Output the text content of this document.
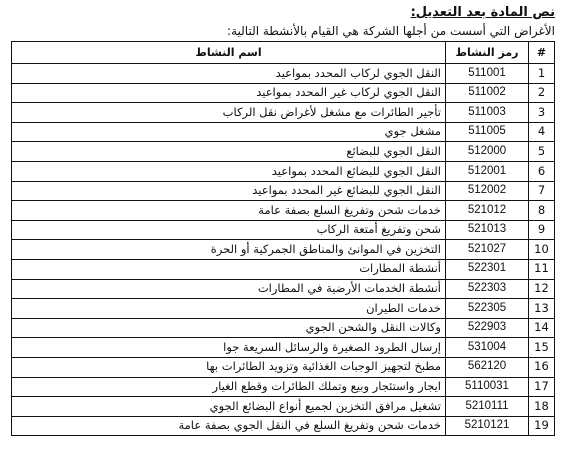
نص المادة بعد التعديل:
الأغراض التي أسست من أجلها الشركة هي القيام بالأنشطة التالية:
#	رمز النشاط	اسم النشاط
1	511001	النقل الجوي لركاب المحدد بمواعيد
2	511002	النقل الجوي لركاب غير المحدد بمواعيد
3	511003	تأجير الطائرات مع مشغل لأغراض نقل الركاب
4	511005	مشغل جوي
5	512000	النقل الجوي للبضائع
6	512001	النقل الجوي للبضائع المحدد بمواعيد
7	512002	النقل الجوي للبضائع غير المحدد بمواعيد
8	521012	خدمات شحن وتفريغ السلع بصفة عامة
9	521013	شحن وتفريغ أمتعة الركاب
10	521027	التخزين في الموانئ والمناطق الجمركية أو الحرة
11	522301	أنشطة المطارات
12	522303	أنشطة الخدمات الأرضية في المطارات
13	522305	خدمات الطيران
14	522903	وكالات النقل والشحن الجوي
15	531004	إرسال الطرود الصغيرة والرسائل السريعة جوا
16	562120	مطبخ لتجهيز الوجبات الغذائية وتزويد الطائرات بها
17	5110031	ايجار واستئجار وبيع وتملك الطائرات وقطع الغيار
18	5210111	تشغيل مرافق التخزين لجميع أنواع البضائع الجوي
19	5210121	خدمات شحن وتفريغ السلع في النقل الجوي بصفة عامة
